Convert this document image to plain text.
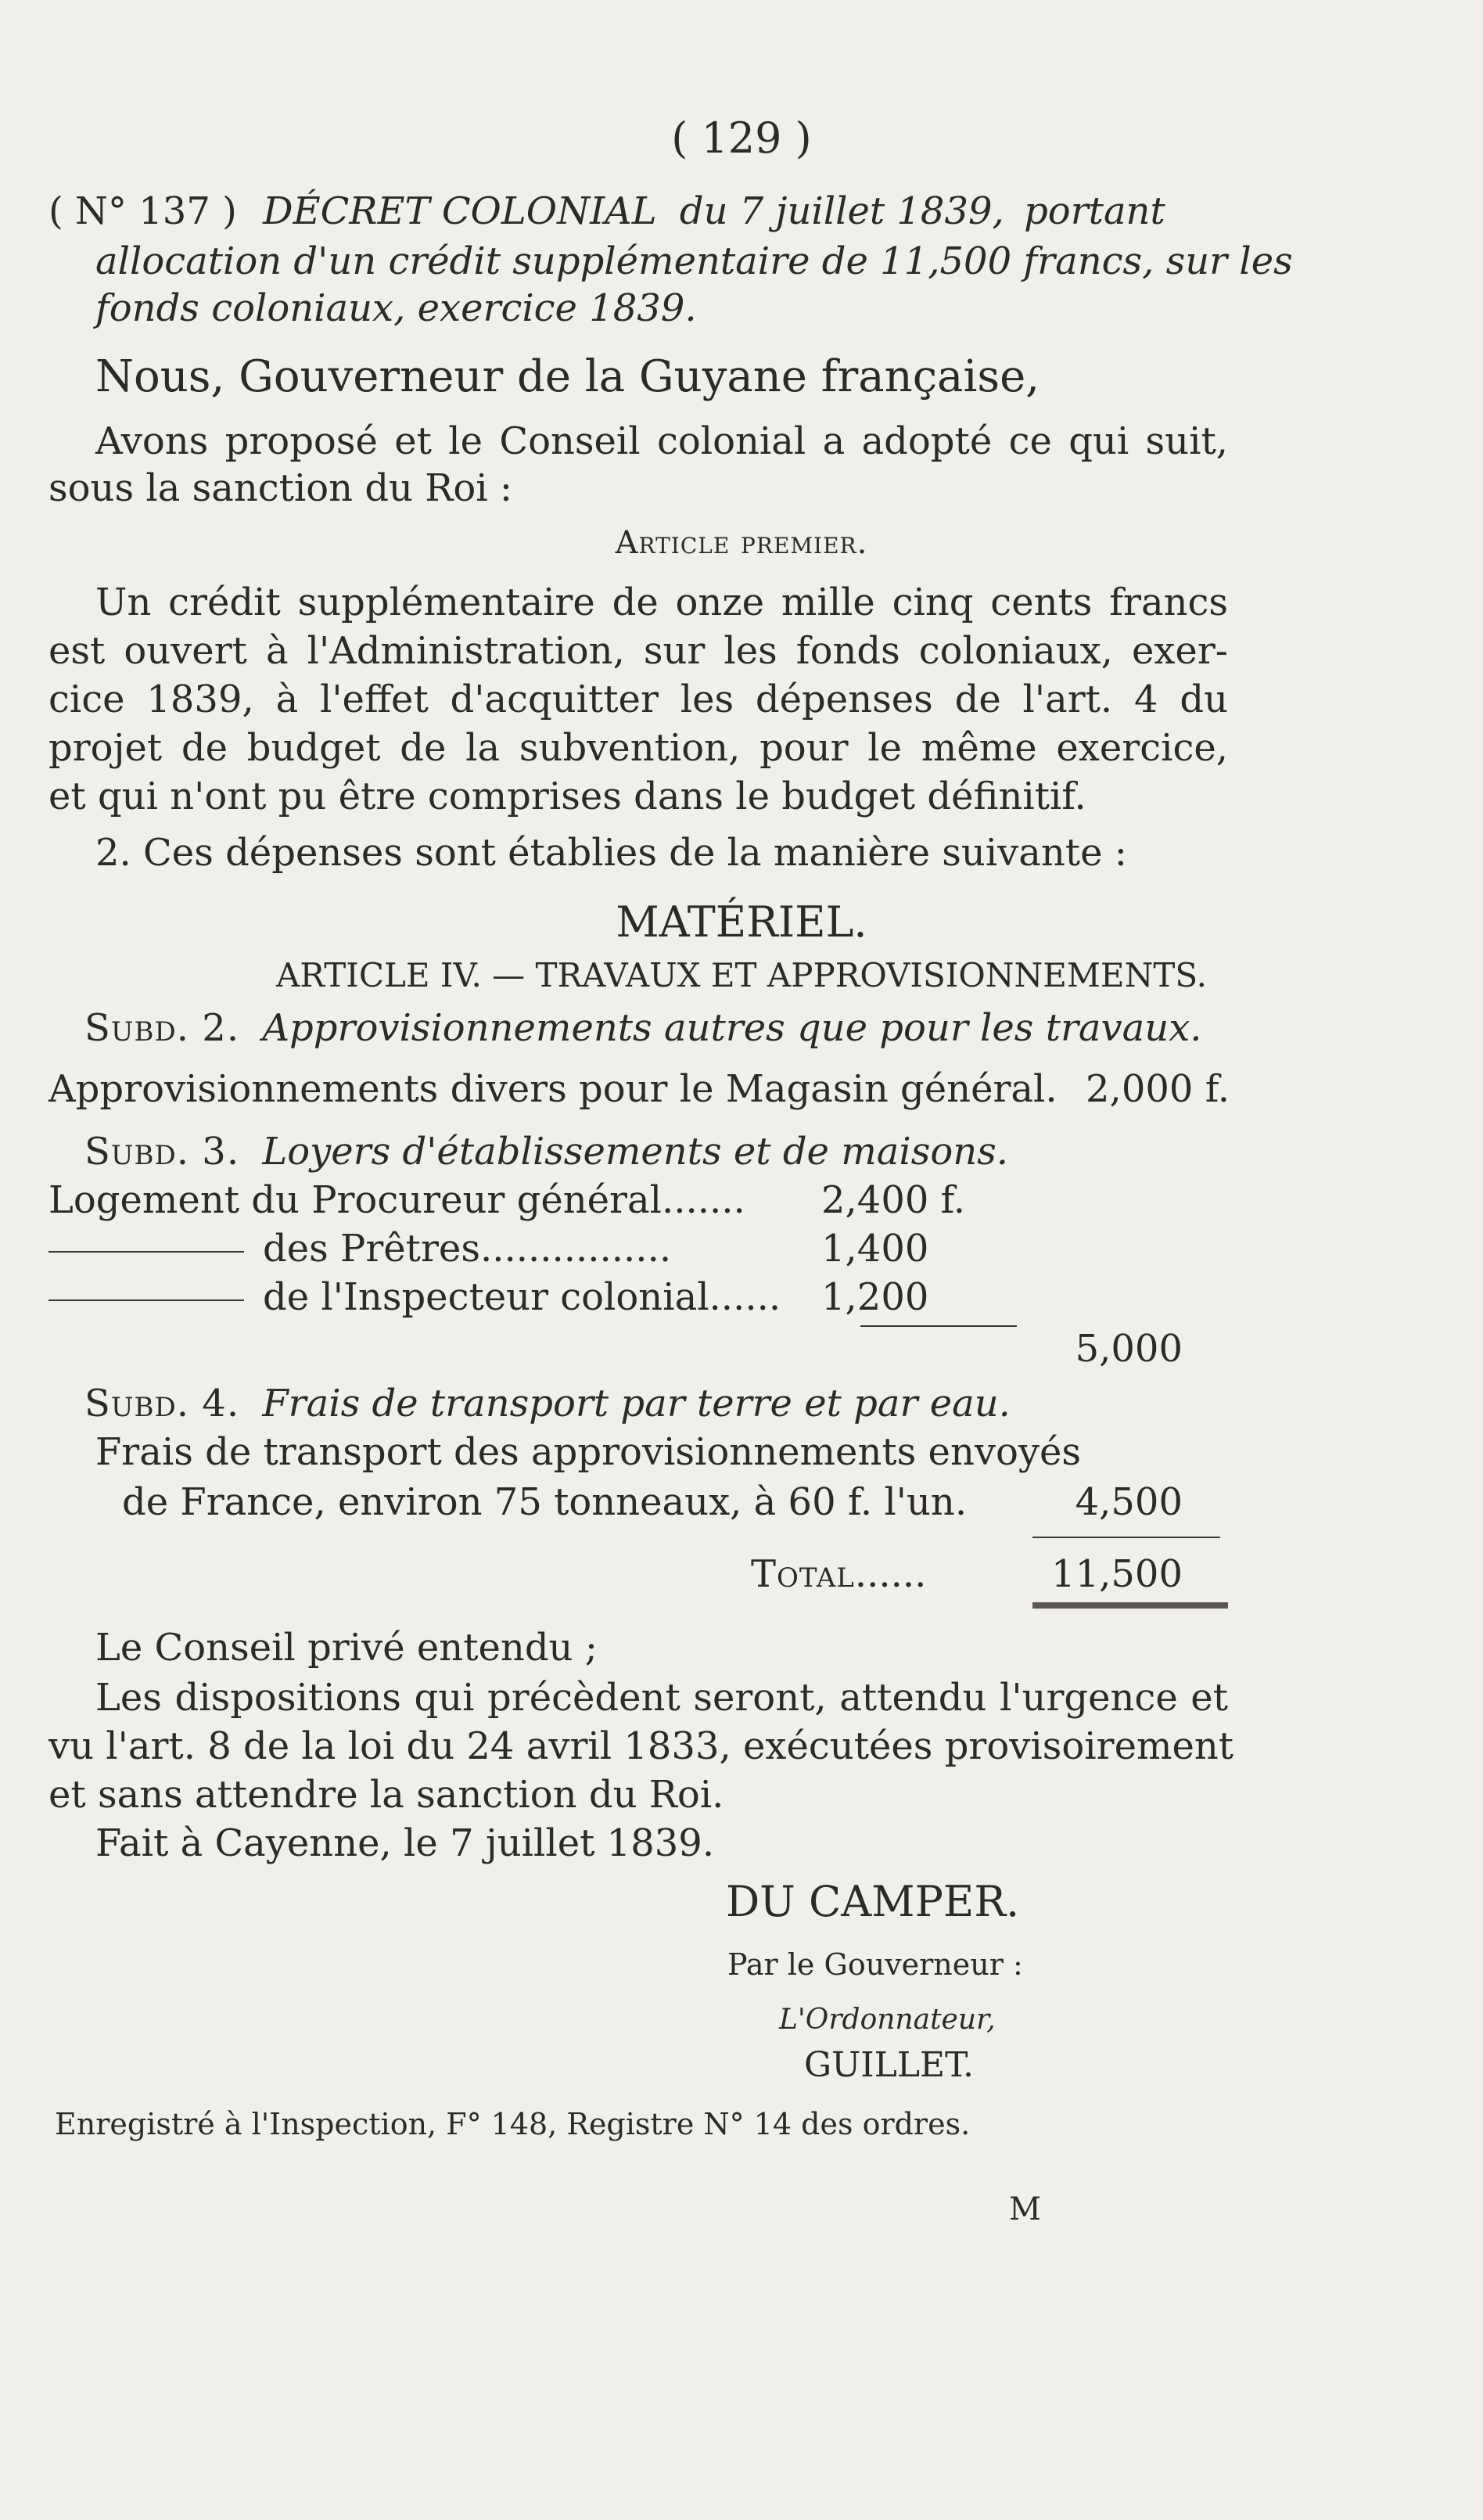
( 129 )
( N° 137 ) DÉCRET COLONIAL du 7 juillet 1839, portant
allocation d'un crédit supplémentaire de 11,500 francs, sur les
fonds coloniaux, exercice 1839.
Nous, Gouverneur de la Guyane française,
Avons proposé et le Conseil colonial a adopté ce qui suit,
sous la sanction du Roi :
Article premier.
Un crédit supplémentaire de onze mille cinq cents francs
est ouvert à l'Administration, sur les fonds coloniaux, exer-
cice 1839, à l'effet d'acquitter les dépenses de l'art. 4 du
projet de budget de la subvention, pour le même exercice,
et qui n'ont pu être comprises dans le budget définitif.
2. Ces dépenses sont établies de la manière suivante :
MATÉRIEL.
ARTICLE IV. — TRAVAUX ET APPROVISIONNEMENTS.
Subd. 2. Approvisionnements autres que pour les travaux.
Approvisionnements divers pour le Magasin général. 2,000 f.
Subd. 3. Loyers d'établissements et de maisons.
Logement du Procureur général....... 2,400 f.
des Prêtres................	1,400
de l'Inspecteur colonial...... 1,200
5,000
Subd. 4. Frais de transport par terre et par eau.
Frais de transport des approvisionnements envoyés
de France, environ 75 tonneaux, à 60 f. l'un.	4,500
Total......	11,500
Le Conseil privé entendu ;
Les dispositions qui précèdent seront, attendu l'urgence et
vu l'art. 8 de la loi du 24 avril 1833, exécutées provisoirement
et sans attendre la sanction du Roi.
Fait à Cayenne, le 7 juillet 1839.
DU CAMPER.
Par le Gouverneur :
L'Ordonnateur,
GUILLET.
Enregistré à l'Inspection, F° 148, Registre N° 14 des ordres.
M
